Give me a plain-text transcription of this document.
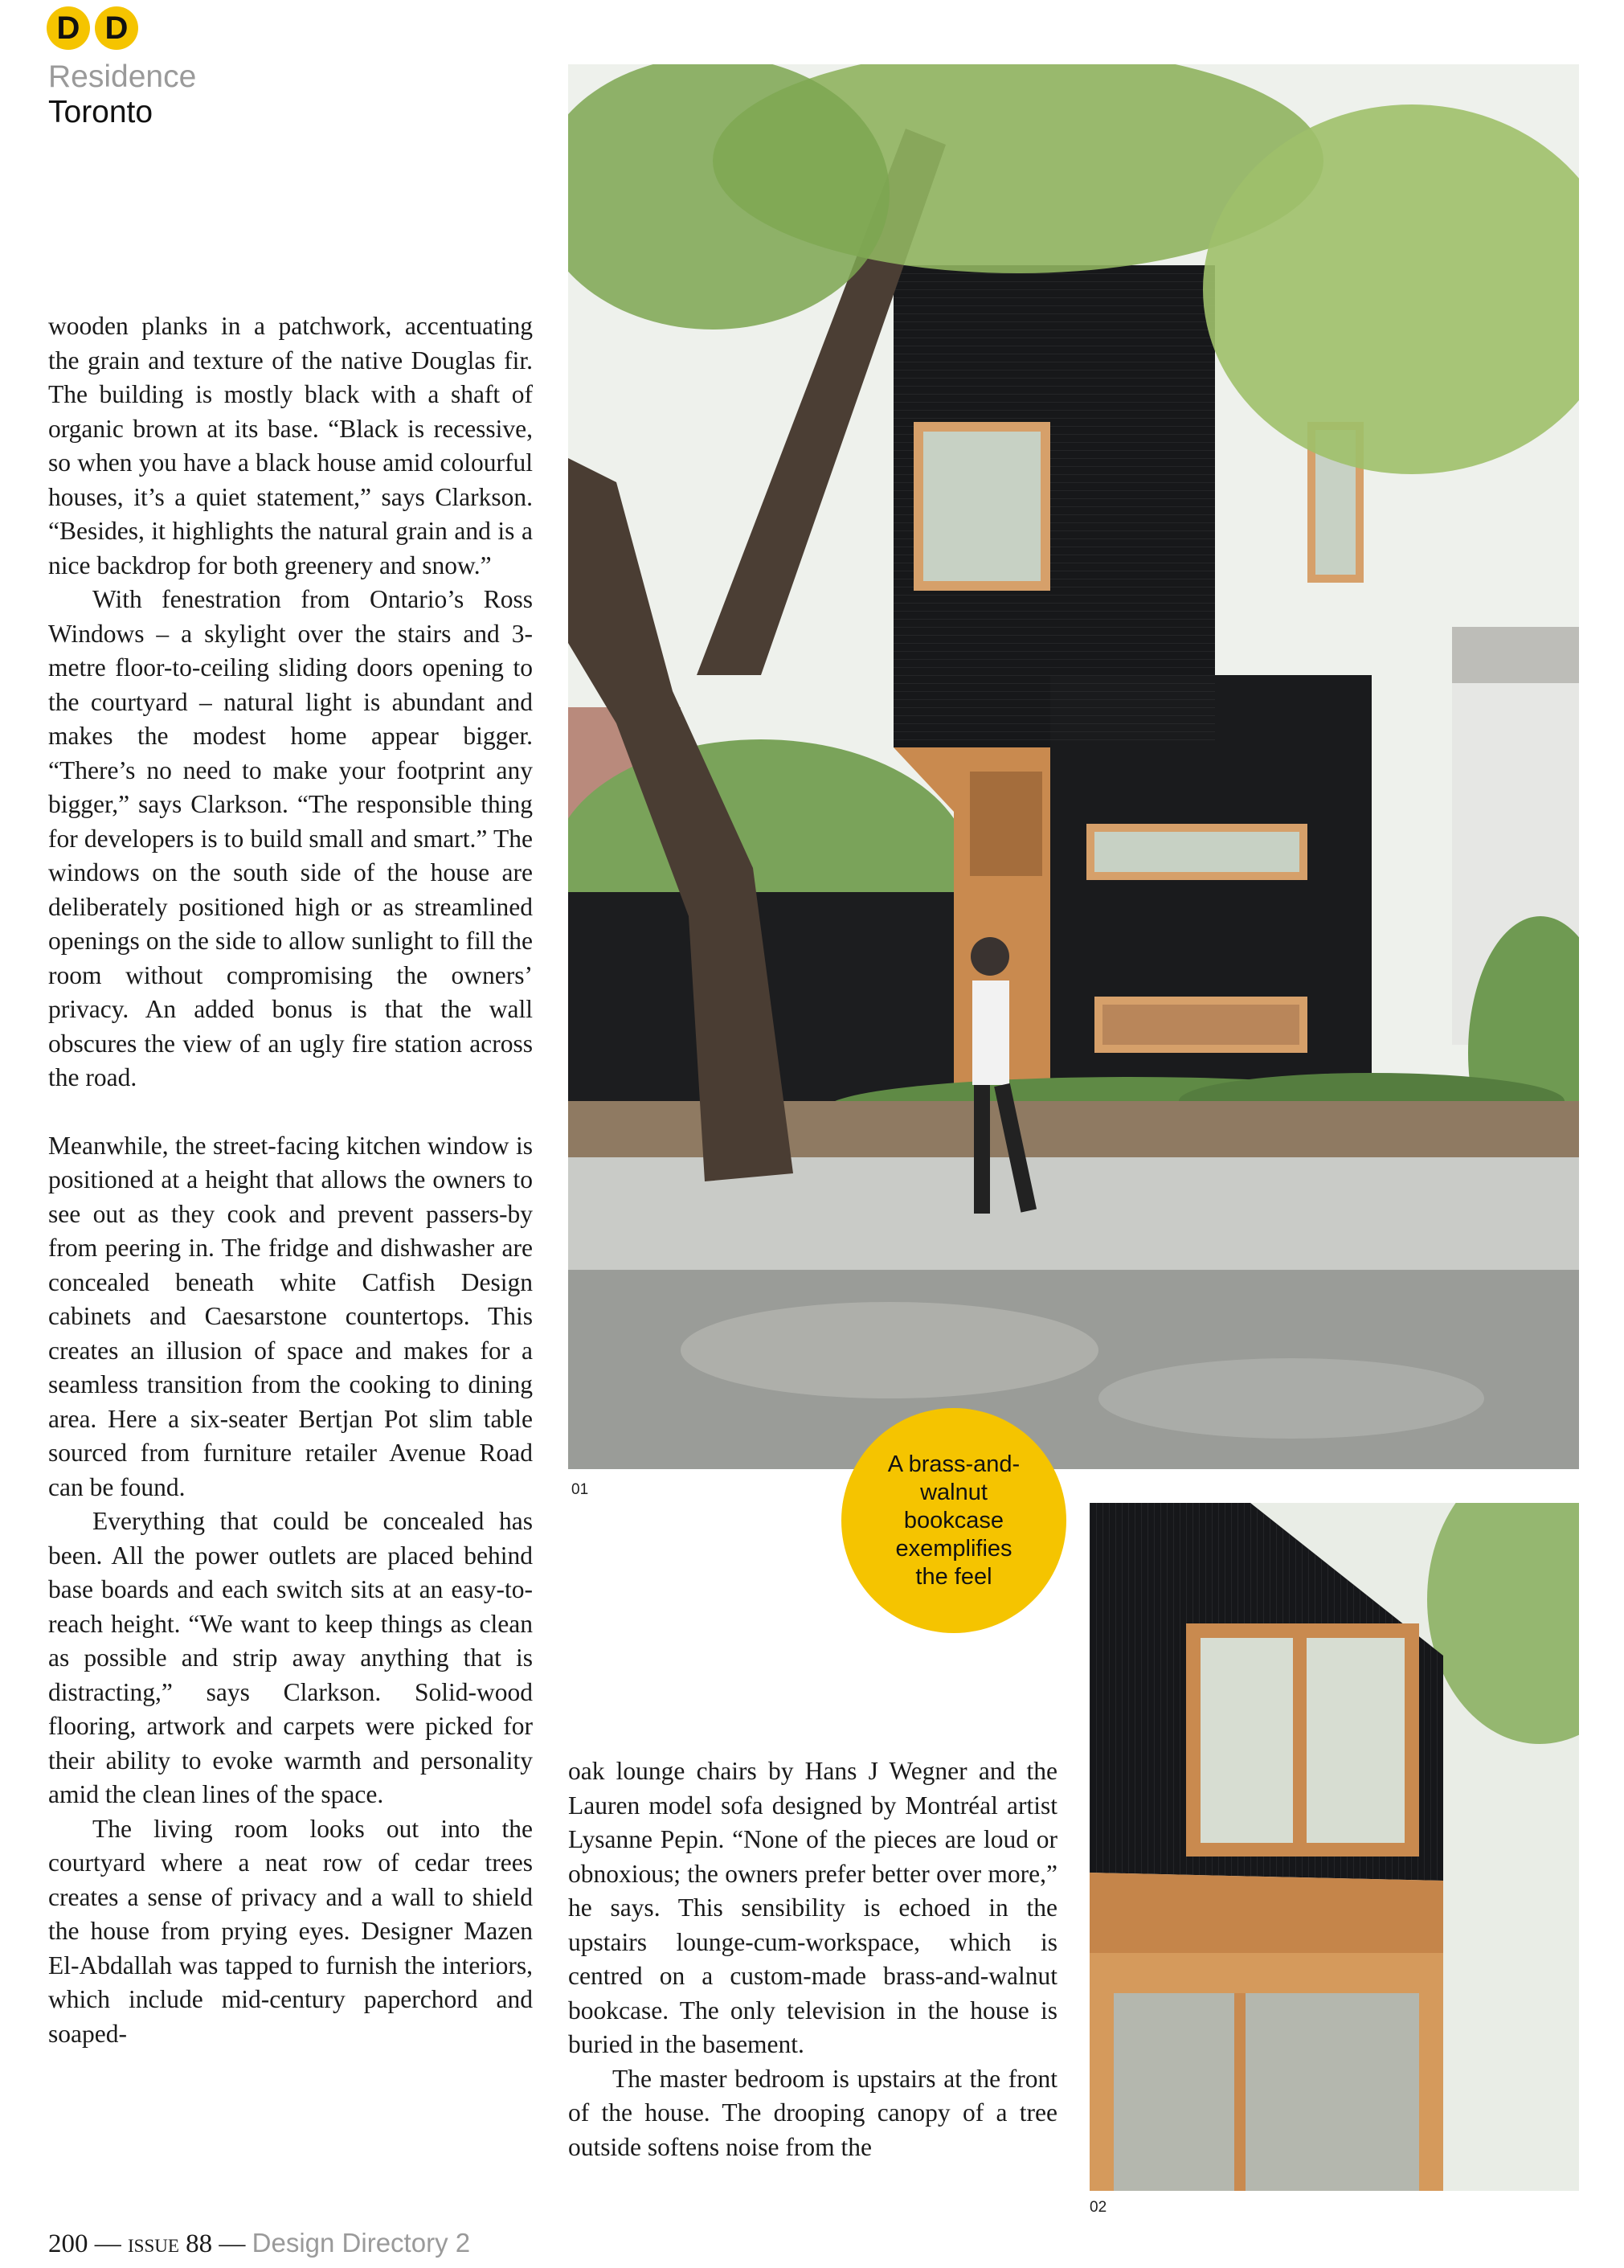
D D
Residence
Toronto

wooden planks in a patchwork, accentuating the grain and texture of the native Douglas fir. The building is mostly black with a shaft of organic brown at its base. “Black is recessive, so when you have a black house amid colourful houses, it’s a quiet statement,” says Clarkson. “Besides, it highlights the natural grain and is a nice backdrop for both greenery and snow.”

With fenestration from Ontario’s Ross Windows – a skylight over the stairs and 3-metre floor-to-ceiling sliding doors opening to the courtyard – natural light is abundant and makes the modest home appear bigger. “There’s no need to make your footprint any bigger,” says Clarkson. “The responsible thing for developers is to build small and smart.” The windows on the south side of the house are deliberately positioned high or as streamlined openings on the side to allow sunlight to fill the room without compromising the owners’ privacy. An added bonus is that the wall obscures the view of an ugly fire station across the road.

Meanwhile, the street-facing kitchen window is positioned at a height that allows the owners to see out as they cook and prevent passers-by from peering in. The fridge and dishwasher are concealed beneath white Catfish Design cabinets and Caesarstone countertops. This creates an illusion of space and makes for a seamless transition from the cooking to dining area. Here a six-seater Bertjan Pot slim table sourced from furniture retailer Avenue Road can be found.

Everything that could be concealed has been. All the power outlets are placed behind base boards and each switch sits at an easy-to-reach height. “We want to keep things as clean as possible and strip away anything that is distracting,” says Clarkson. Solid-wood flooring, artwork and carpets were picked for their ability to evoke warmth and personality amid the clean lines of the space.

The living room looks out into the courtyard where a neat row of cedar trees creates a sense of privacy and a wall to shield the house from prying eyes. Designer Mazen El-Abdallah was tapped to furnish the interiors, which include mid-century paperchord and soaped-

01
A brass-and-walnut bookcase exemplifies the feel

oak lounge chairs by Hans J Wegner and the Lauren model sofa designed by Montréal artist Lysanne Pepin. “None of the pieces are loud or obnoxious; the owners prefer better over more,” he says. This sensibility is echoed in the upstairs lounge-cum-workspace, which is centred on a custom-made brass-and-walnut bookcase. The only television in the house is buried in the basement.

The master bedroom is upstairs at the front of the house. The drooping canopy of a tree outside softens noise from the

02
200 — issue 88 — Design Directory 2
